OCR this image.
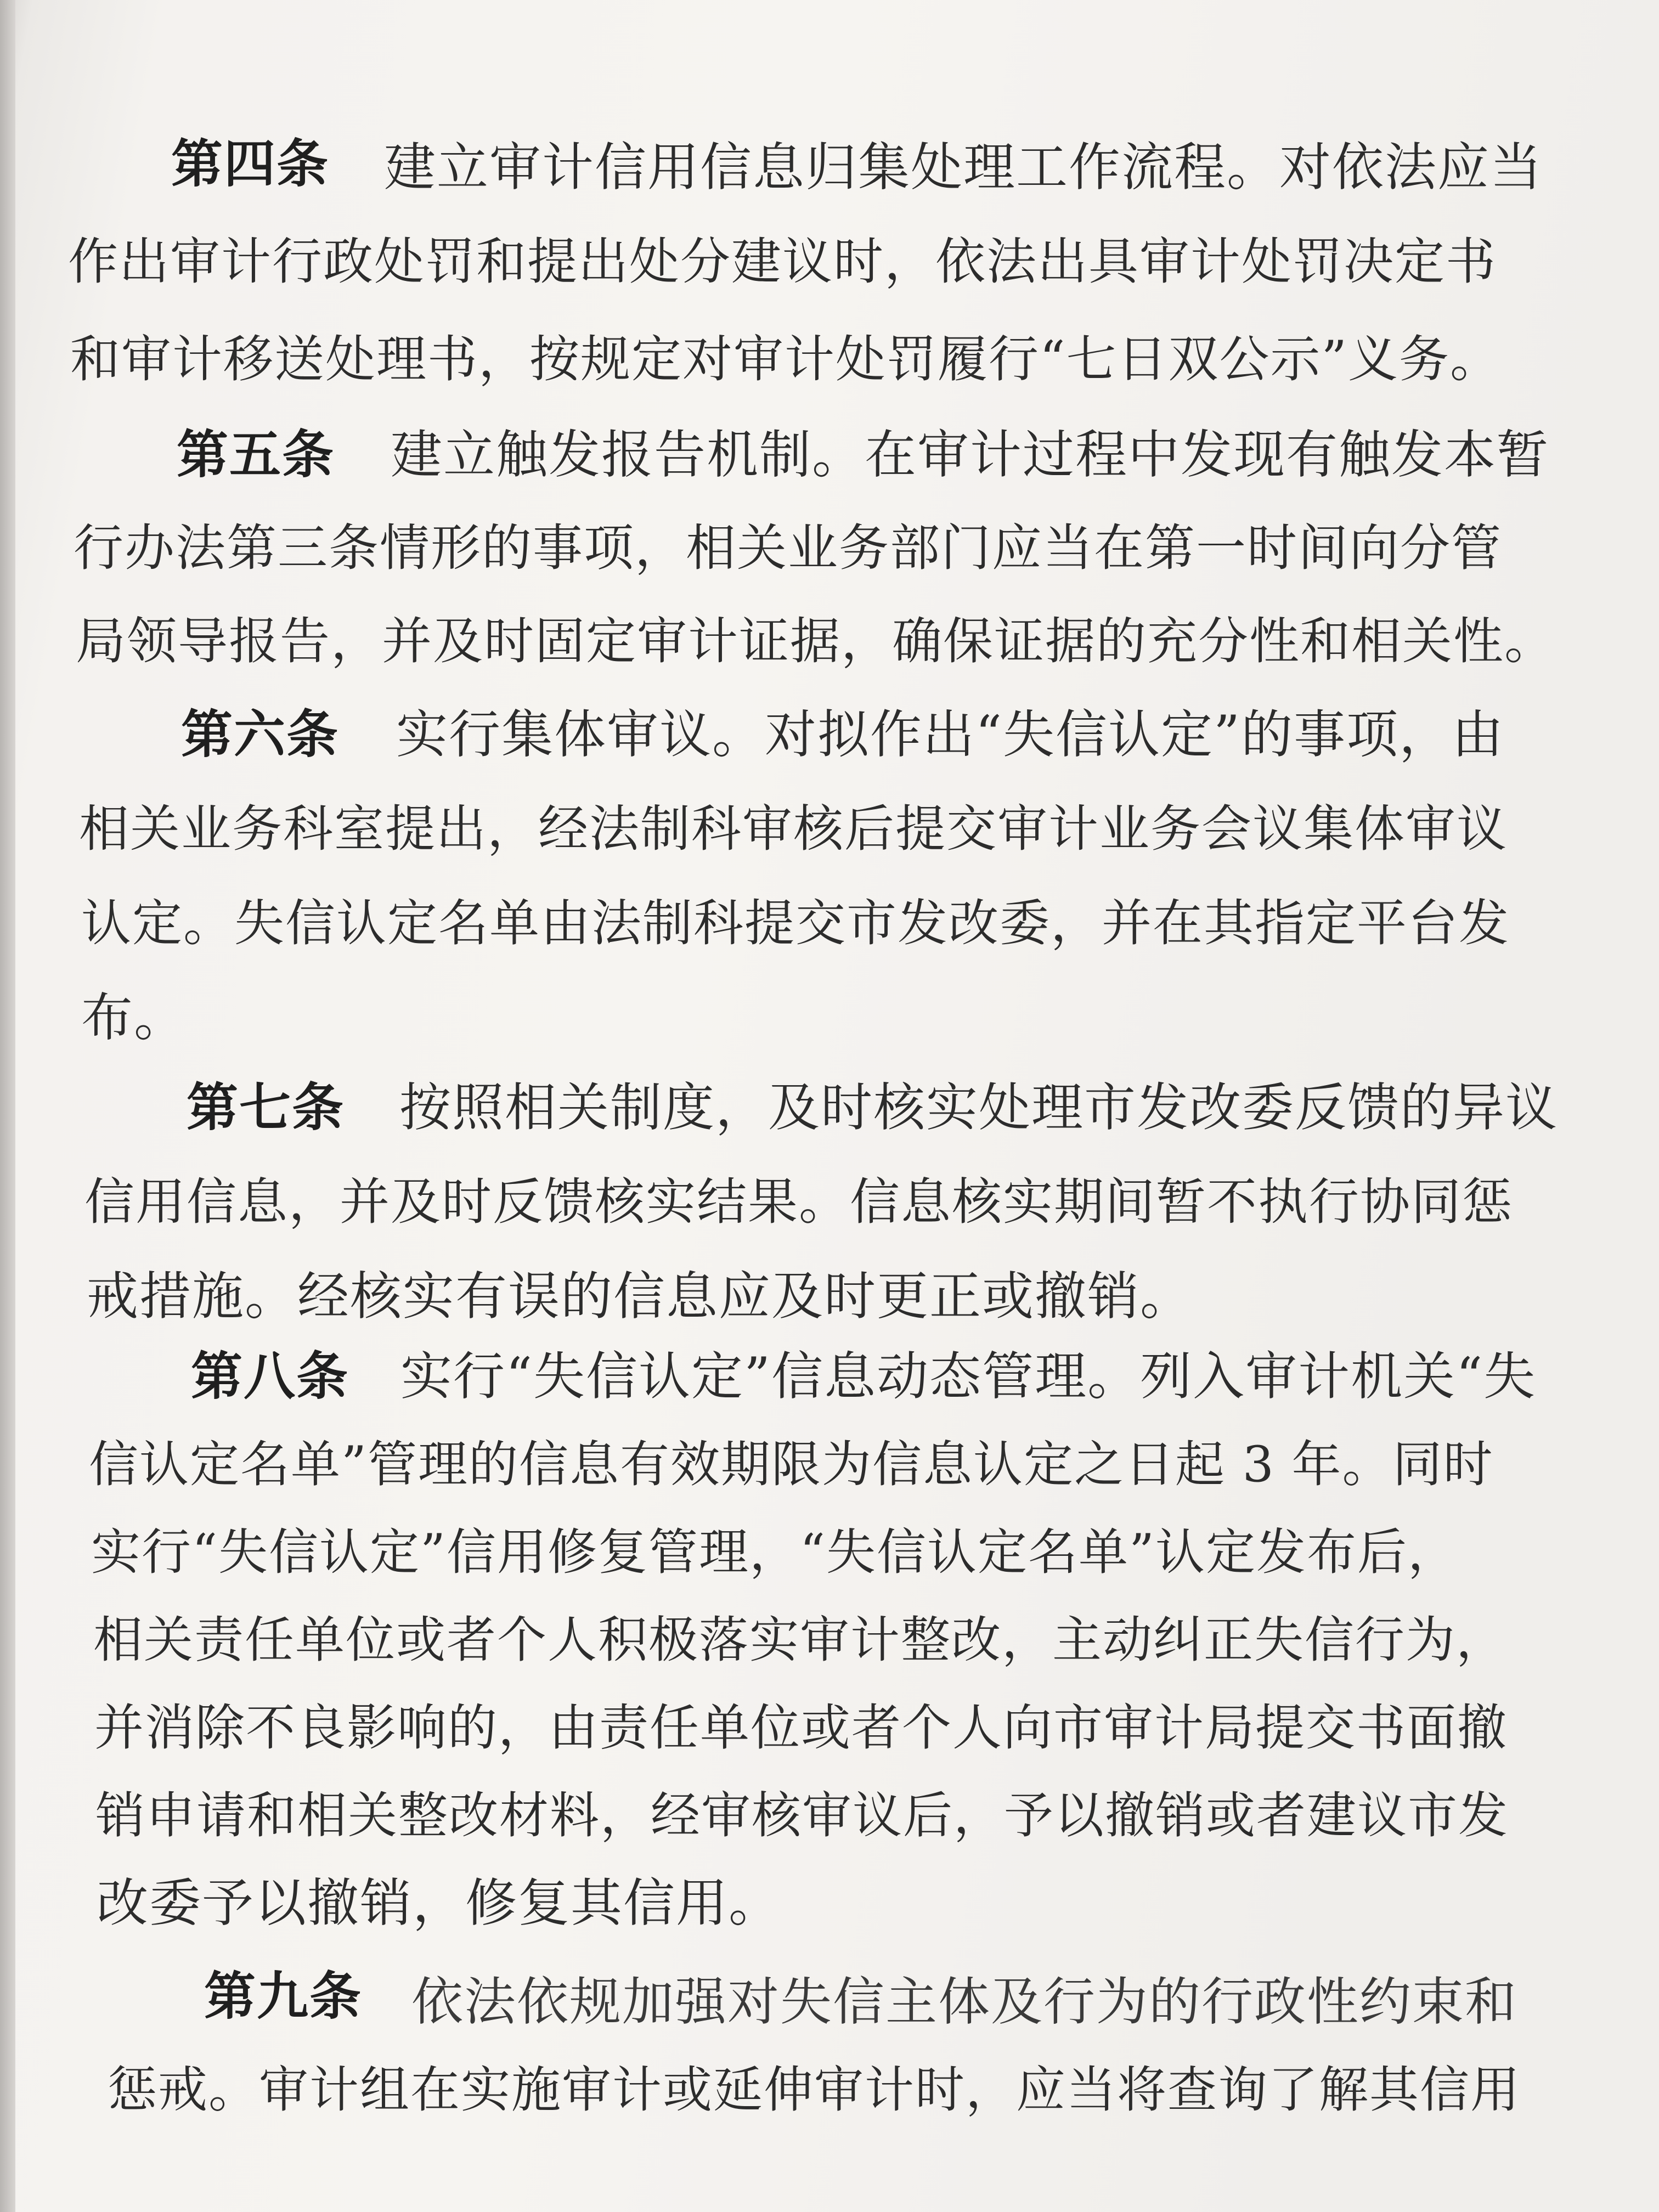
第四条 建立审计信用信息归集处理工作流程。对依法应当
作出审计行政处罚和提出处分建议时，依法出具审计处罚决定书
和审计移送处理书，按规定对审计处罚履行“七日双公示”义务。
第五条 建立触发报告机制。在审计过程中发现有触发本暂
行办法第三条情形的事项，相关业务部门应当在第一时间向分管
局领导报告，并及时固定审计证据，确保证据的充分性和相关性。
第六条 实行集体审议。对拟作出“失信认定”的事项，由
相关业务科室提出，经法制科审核后提交审计业务会议集体审议
认定。失信认定名单由法制科提交市发改委，并在其指定平台发
布。
第七条 按照相关制度，及时核实处理市发改委反馈的异议
信用信息，并及时反馈核实结果。信息核实期间暂不执行协同惩
戒措施。经核实有误的信息应及时更正或撤销。
第八条 实行“失信认定”信息动态管理。列入审计机关“失
信认定名单”管理的信息有效期限为信息认定之日起 3 年。同时
实行“失信认定”信用修复管理，“失信认定名单”认定发布后，
相关责任单位或者个人积极落实审计整改，主动纠正失信行为，
并消除不良影响的，由责任单位或者个人向市审计局提交书面撤
销申请和相关整改材料，经审核审议后，予以撤销或者建议市发
改委予以撤销，修复其信用。
第九条 依法依规加强对失信主体及行为的行政性约束和
惩戒。审计组在实施审计或延伸审计时，应当将查询了解其信用
